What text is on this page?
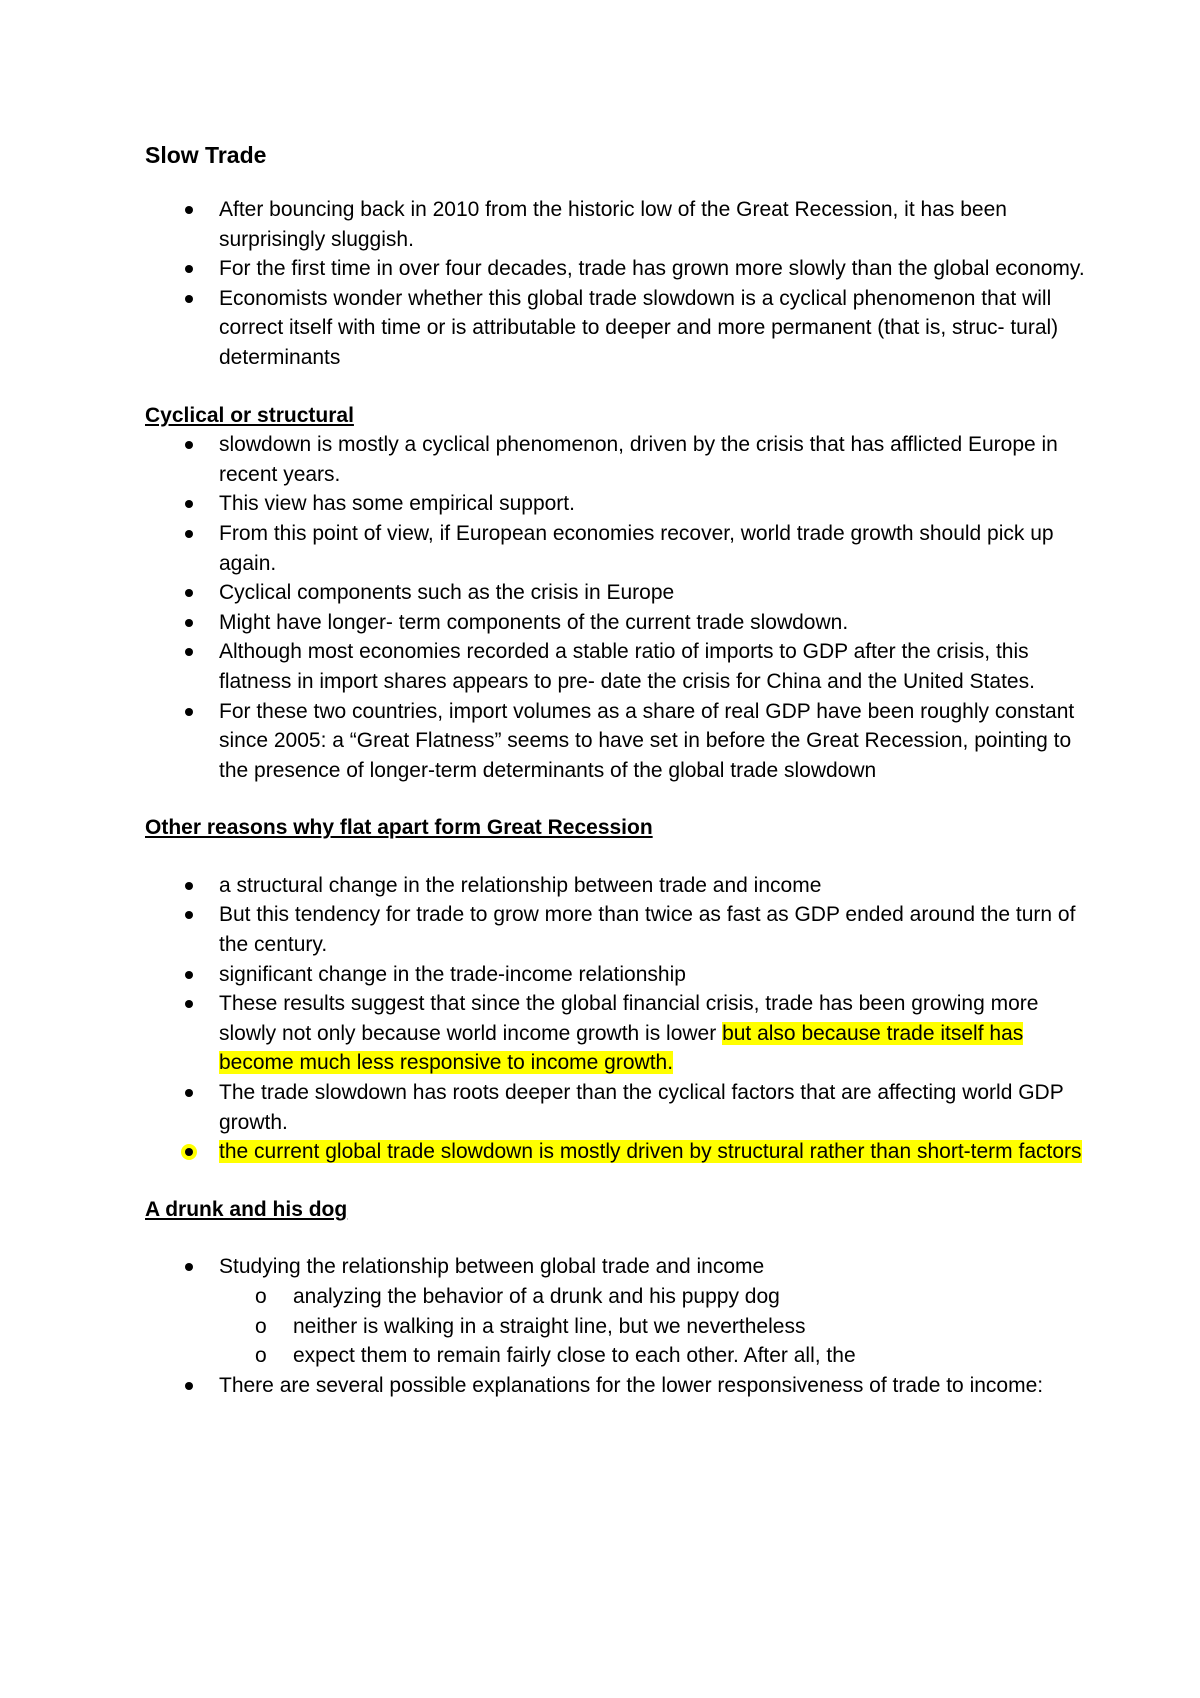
Slow Trade
After bouncing back in 2010 from the historic low of the Great Recession, it has been surprisingly sluggish.
For the first time in over four decades, trade has grown more slowly than the global economy.
Economists wonder whether this global trade slowdown is a cyclical phenomenon that will correct itself with time or is attributable to deeper and more permanent (that is, struc- tural) determinants
Cyclical or structural
slowdown is mostly a cyclical phenomenon, driven by the crisis that has afflicted Europe in recent years.
This view has some empirical support.
From this point of view, if European economies recover, world trade growth should pick up again.
Cyclical components such as the crisis in Europe
Might have longer- term components of the current trade slowdown.
Although most economies recorded a stable ratio of imports to GDP after the crisis, this flatness in import shares appears to pre- date the crisis for China and the United States.
For these two countries, import volumes as a share of real GDP have been roughly constant since 2005: a “Great Flatness” seems to have set in before the Great Recession, pointing to the presence of longer-term determinants of the global trade slowdown
Other reasons why flat apart form Great Recession
a structural change in the relationship between trade and income
But this tendency for trade to grow more than twice as fast as GDP ended around the turn of the century.
significant change in the trade-income relationship
These results suggest that since the global financial crisis, trade has been growing more slowly not only because world income growth is lower but also because trade itself has become much less responsive to income growth.
The trade slowdown has roots deeper than the cyclical factors that are affecting world GDP growth.
the current global trade slowdown is mostly driven by structural rather than short-term factors
A drunk and his dog
Studying the relationship between global trade and income
o analyzing the behavior of a drunk and his puppy dog
o neither is walking in a straight line, but we nevertheless
o expect them to remain fairly close to each other. After all, the
There are several possible explanations for the lower responsiveness of trade to income:
